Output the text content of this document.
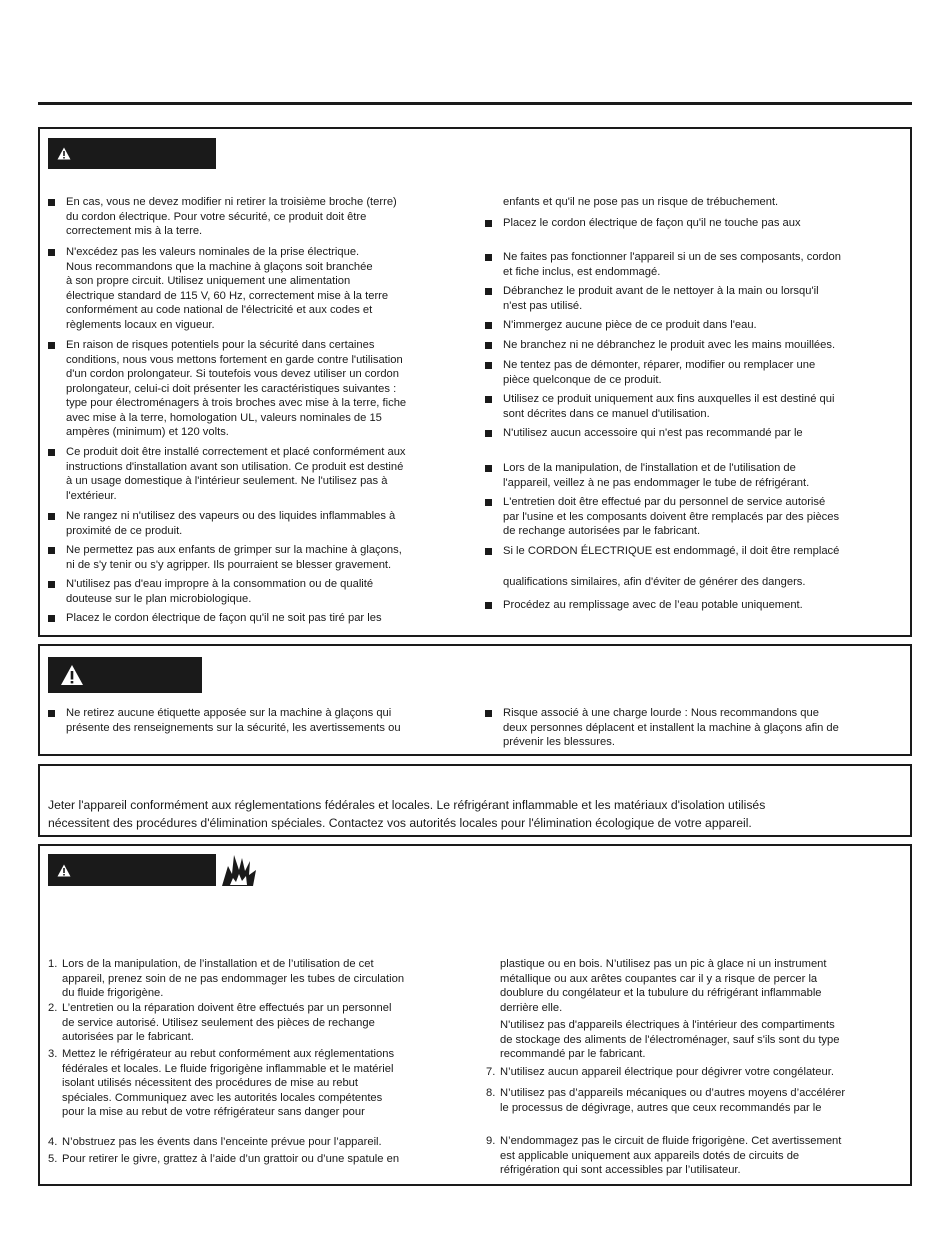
En cas, vous ne devez modifier ni retirer la troisième broche (terre)
du cordon électrique. Pour votre sécurité, ce produit doit être
correctement mis à la terre.
N'excédez pas les valeurs nominales de la prise électrique.
Nous recommandons que la machine à glaçons soit branchée
à son propre circuit. Utilisez uniquement une alimentation
électrique standard de 115 V, 60 Hz, correctement mise à la terre
conformément au code national de l'électricité et aux codes et
règlements locaux en vigueur.
En raison de risques potentiels pour la sécurité dans certaines
conditions, nous vous mettons fortement en garde contre l'utilisation
d'un cordon prolongateur. Si toutefois vous devez utiliser un cordon
prolongateur, celui-ci doit présenter les caractéristiques suivantes :
type pour électroménagers à trois broches avec mise à la terre, fiche
avec mise à la terre, homologation UL, valeurs nominales de 15
ampères (minimum) et 120 volts.
Ce produit doit être installé correctement et placé conformément aux
instructions d'installation avant son utilisation. Ce produit est destiné
à un usage domestique à l'intérieur seulement. Ne l'utilisez pas à
l'extérieur.
Ne rangez ni n'utilisez des vapeurs ou des liquides inflammables à
proximité de ce produit.
Ne permettez pas aux enfants de grimper sur la machine à glaçons,
ni de s'y tenir ou s'y agripper. Ils pourraient se blesser gravement.
N'utilisez pas d'eau impropre à la consommation ou de qualité
douteuse sur le plan microbiologique.
Placez le cordon électrique de façon qu'il ne soit pas tiré par les
enfants et qu'il ne pose pas un risque de trébuchement.
Placez le cordon électrique de façon qu'il ne touche pas aux
Ne faites pas fonctionner l'appareil si un de ses composants, cordon
et fiche inclus, est endommagé.
Débranchez le produit avant de le nettoyer à la main ou lorsqu'il
n'est pas utilisé.
N'immergez aucune pièce de ce produit dans l'eau.
Ne branchez ni ne débranchez le produit avec les mains mouillées.
Ne tentez pas de démonter, réparer, modifier ou remplacer une
pièce quelconque de ce produit.
Utilisez ce produit uniquement aux fins auxquelles il est destiné qui
sont décrites dans ce manuel d'utilisation.
N'utilisez aucun accessoire qui n'est pas recommandé par le
Lors de la manipulation, de l'installation et de l'utilisation de
l'appareil, veillez à ne pas endommager le tube de réfrigérant.
L'entretien doit être effectué par du personnel de service autorisé
par l'usine et les composants doivent être remplacés par des pièces
de rechange autorisées par le fabricant.
Si le CORDON ÉLECTRIQUE est endommagé, il doit être remplacé
qualifications similaires, afin d'éviter de générer des dangers.
Procédez au remplissage avec de l’eau potable uniquement.
Ne retirez aucune étiquette apposée sur la machine à glaçons qui
présente des renseignements sur la sécurité, les avertissements ou
Risque associé à une charge lourde : Nous recommandons que
deux personnes déplacent et installent la machine à glaçons afin de
prévenir les blessures.
Jeter l'appareil conformément aux réglementations fédérales et locales. Le réfrigérant inflammable et les matériaux d'isolation utilisés
nécessitent des procédures d'élimination spéciales. Contactez vos autorités locales pour l'élimination écologique de votre appareil.
1. Lors de la manipulation, de l’installation et de l’utilisation de cet
appareil, prenez soin de ne pas endommager les tubes de circulation
du fluide frigorigène.
2. L’entretien ou la réparation doivent être effectués par un personnel
de service autorisé. Utilisez seulement des pièces de rechange
autorisées par le fabricant.
3. Mettez le réfrigérateur au rebut conformément aux réglementations
fédérales et locales. Le fluide frigorigène inflammable et le matériel
isolant utilisés nécessitent des procédures de mise au rebut
spéciales. Communiquez avec les autorités locales compétentes
pour la mise au rebut de votre réfrigérateur sans danger pour
4. N’obstruez pas les évents dans l’enceinte prévue pour l’appareil.
5. Pour retirer le givre, grattez à l’aide d’un grattoir ou d’une spatule en
plastique ou en bois. N’utilisez pas un pic à glace ni un instrument
métallique ou aux arêtes coupantes car il y a risque de percer la
doublure du congélateur et la tubulure du réfrigérant inflammable
derrière elle.
N'utilisez pas d'appareils électriques à l'intérieur des compartiments
de stockage des aliments de l'électroménager, sauf s'ils sont du type
recommandé par le fabricant.
7. N’utilisez aucun appareil électrique pour dégivrer votre congélateur.
8. N’utilisez pas d’appareils mécaniques ou d’autres moyens d’accélérer
le processus de dégivrage, autres que ceux recommandés par le
9. N’endommagez pas le circuit de fluide frigorigène. Cet avertissement
est applicable uniquement aux appareils dotés de circuits de
réfrigération qui sont accessibles par l’utilisateur.
